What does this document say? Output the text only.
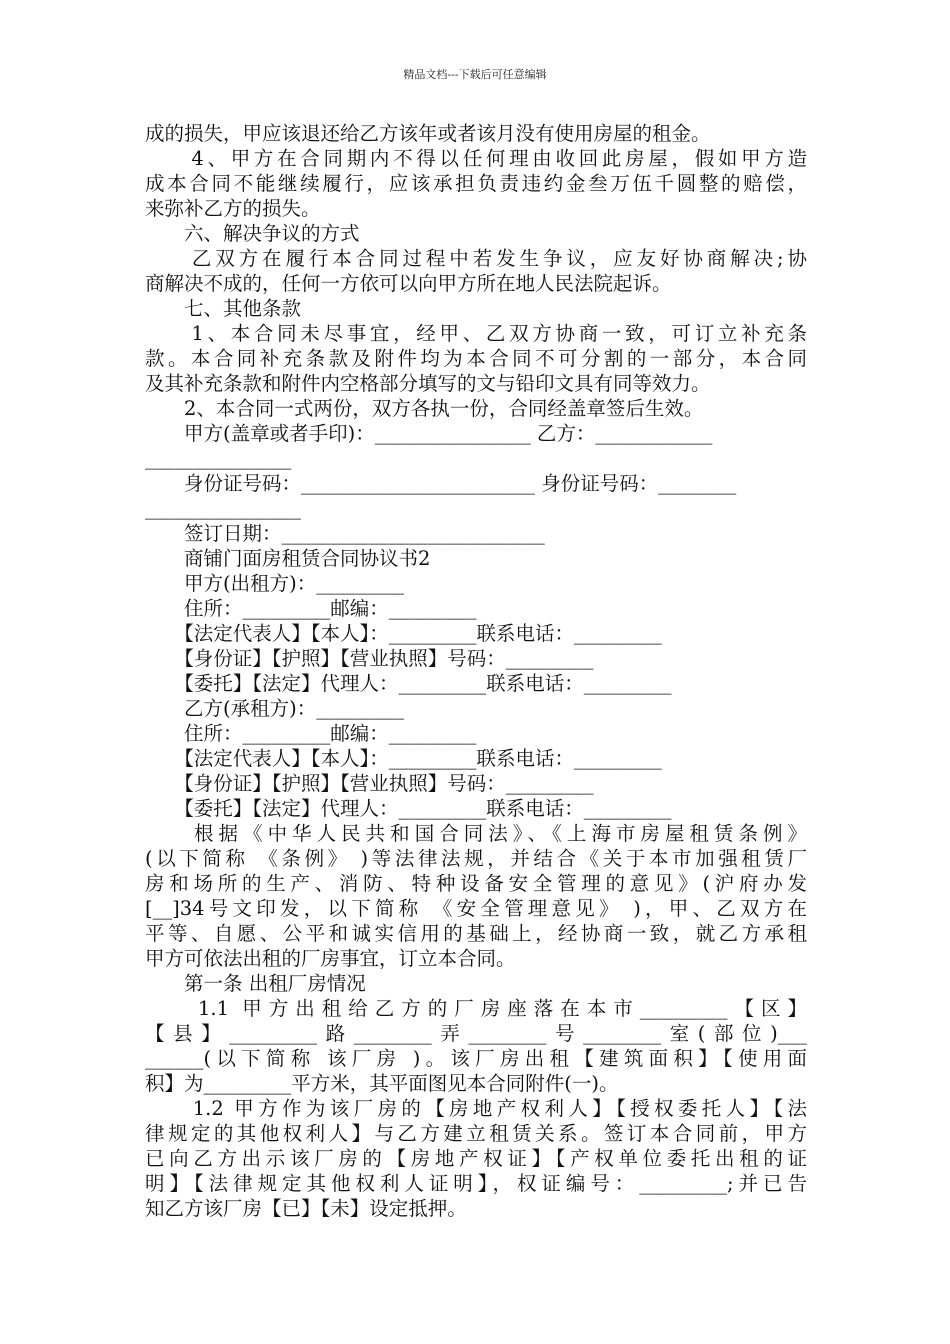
精品文档---下载后可任意编辑
成的损失，甲应该退还给乙方该年或者该月没有使用房屋的租金。
　　4、甲方在合同期内不得以任何理由收回此房屋，假如甲方造
成本合同不能继续履行，应该承担负责违约金叁万伍千圆整的赔偿，
来弥补乙方的损失。
　　六、解决争议的方式
　　乙双方在履行本合同过程中若发生争议，应友好协商解决;协
商解决不成的，任何一方依可以向甲方所在地人民法院起诉。
　　七、其他条款
　　1、本合同未尽事宜，经甲、乙双方协商一致，可订立补充条
款。本合同补充条款及附件均为本合同不可分割的一部分，本合同
及其补充条款和附件内空格部分填写的文与铅印文具有同等效力。
　　2、本合同一式两份，双方各执一份，合同经盖章签后生效。
　　甲方(盖章或者手印)：________________ 乙方：____________
_______________
　　身份证号码：________________________ 身份证号码：________
________________
　　签订日期：___________________________
　　商铺门面房租赁合同协议书2
　　甲方(出租方)：_________
　　住所：_________邮编：_________
　　【法定代表人】【本人】：_________联系电话：_________
　　【身份证】【护照】【营业执照】号码：_________
　　【委托】【法定】代理人：_________联系电话：_________
　　乙方(承租方)：_________
　　住所：_________邮编：_________
　　【法定代表人】【本人】：_________联系电话：_________
　　【身份证】【护照】【营业执照】号码：_________
　　【委托】【法定】代理人：_________联系电话：_________
　　根据《中华人民共和国合同法》、《上海市房屋租赁条例》
(以下简称 《条例》 )等法律法规，并结合《关于本市加强租赁厂
房和场所的生产、消防、特种设备安全管理的意见》(沪府办发
[__]34号文印发，以下简称 《安全管理意见》 )，甲、乙双方在
平等、自愿、公平和诚实信用的基础上，经协商一致，就乙方承租
甲方可依法出租的厂房事宜，订立本合同。
　　第一条 出租厂房情况
　　1.1 甲方出租给乙方的厂房座落在本市_________【区】
【县】_________路________弄________号________室(部位)___
______(以下简称 该厂房 )。该厂房出租【建筑面积】【使用面
积】为_________平方米，其平面图见本合同附件(一)。
　　1.2 甲方作为该厂房的【房地产权利人】【授权委托人】【法
律规定的其他权利人】与乙方建立租赁关系。签订本合同前，甲方
已向乙方出示该厂房的【房地产权证】【产权单位委托出租的证
明】【法律规定其他权利人证明】，权证编号：_________;并已告
知乙方该厂房【已】【未】设定抵押。
